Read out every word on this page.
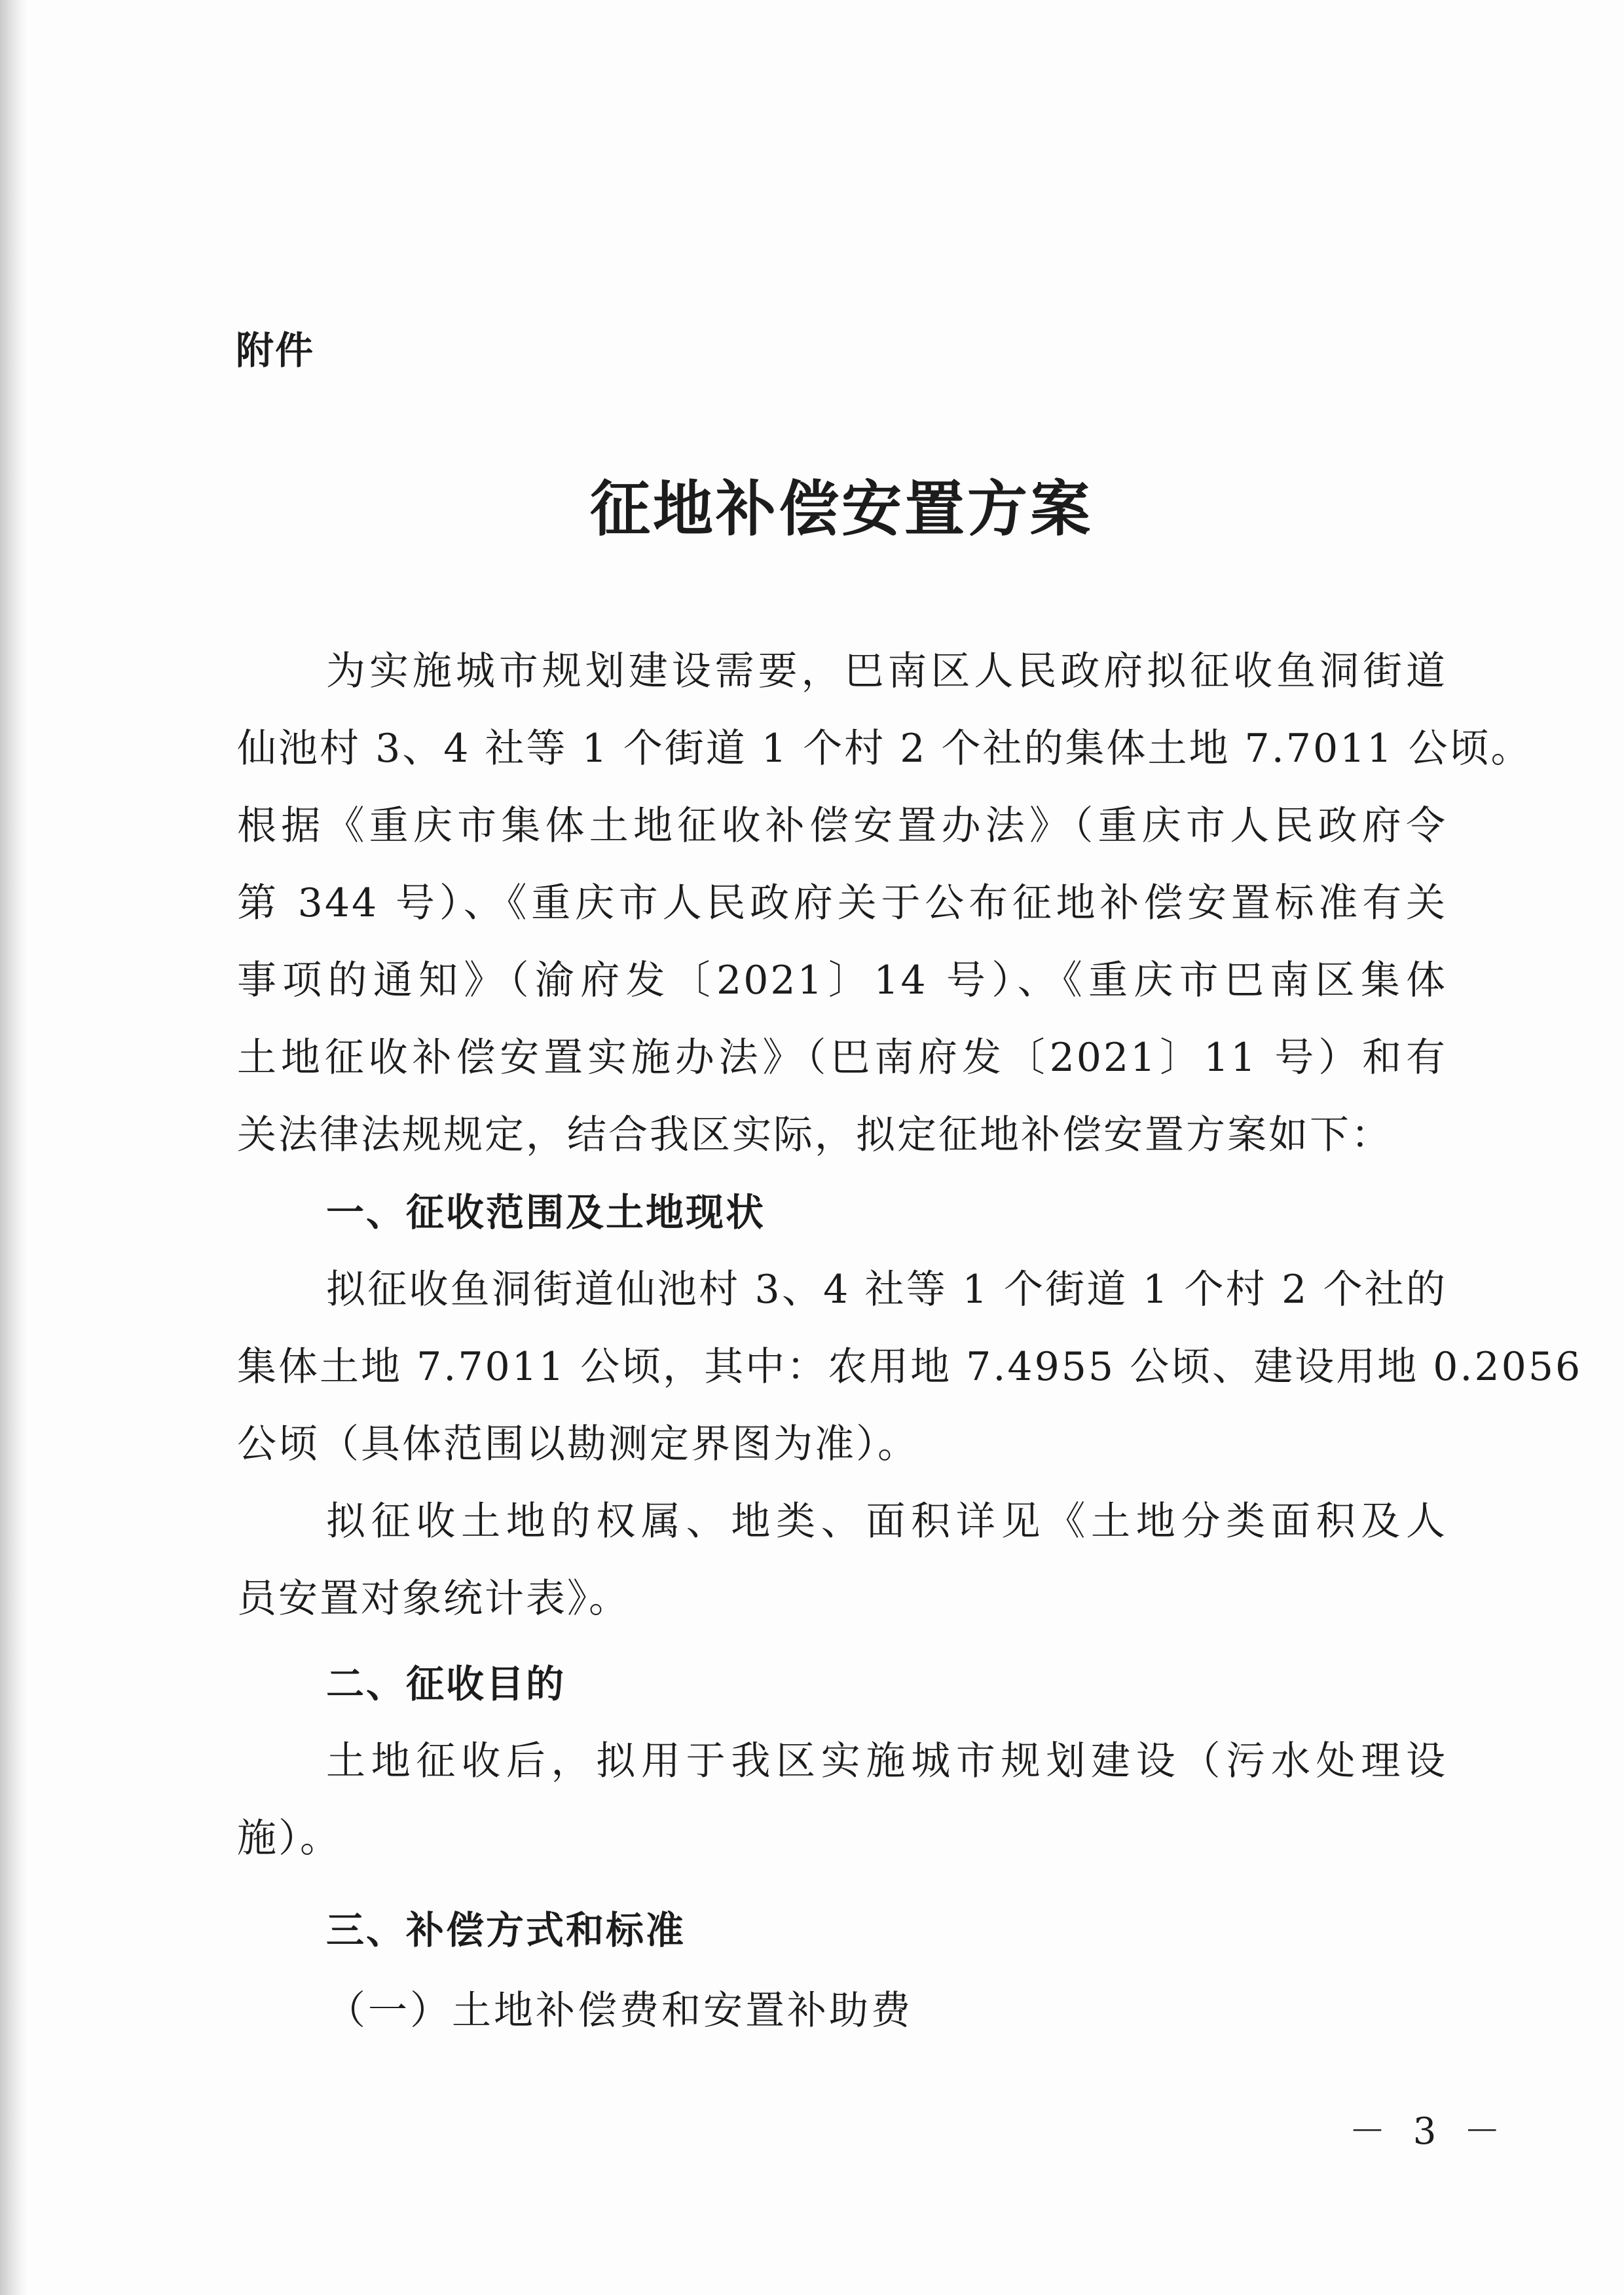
附件
征地补偿安置方案

为实施城市规划建设需要，巴南区人民政府拟征收鱼洞街道
仙池村 3、4 社等 1 个街道 1 个村 2 个社的集体土地 7.7011 公顷。
根据《重庆市集体土地征收补偿安置办法》（重庆市人民政府令
第 344 号）、《重庆市人民政府关于公布征地补偿安置标准有关
事项的通知》（渝府发〔2021〕14 号）、《重庆市巴南区集体
土地征收补偿安置实施办法》（巴南府发〔2021〕11 号）和有
关法律法规规定，结合我区实际，拟定征地补偿安置方案如下：

一、征收范围及土地现状

拟征收鱼洞街道仙池村 3、4 社等 1 个街道 1 个村 2 个社的
集体土地 7.7011 公顷，其中：农用地 7.4955 公顷、建设用地 0.2056
公顷（具体范围以勘测定界图为准）。

拟征收土地的权属、地类、面积详见《土地分类面积及人
员安置对象统计表》。

二、征收目的

土地征收后，拟用于我区实施城市规划建设（污水处理设
施）。

三、补偿方式和标准
（一）土地补偿费和安置补助费
－ 3 －
